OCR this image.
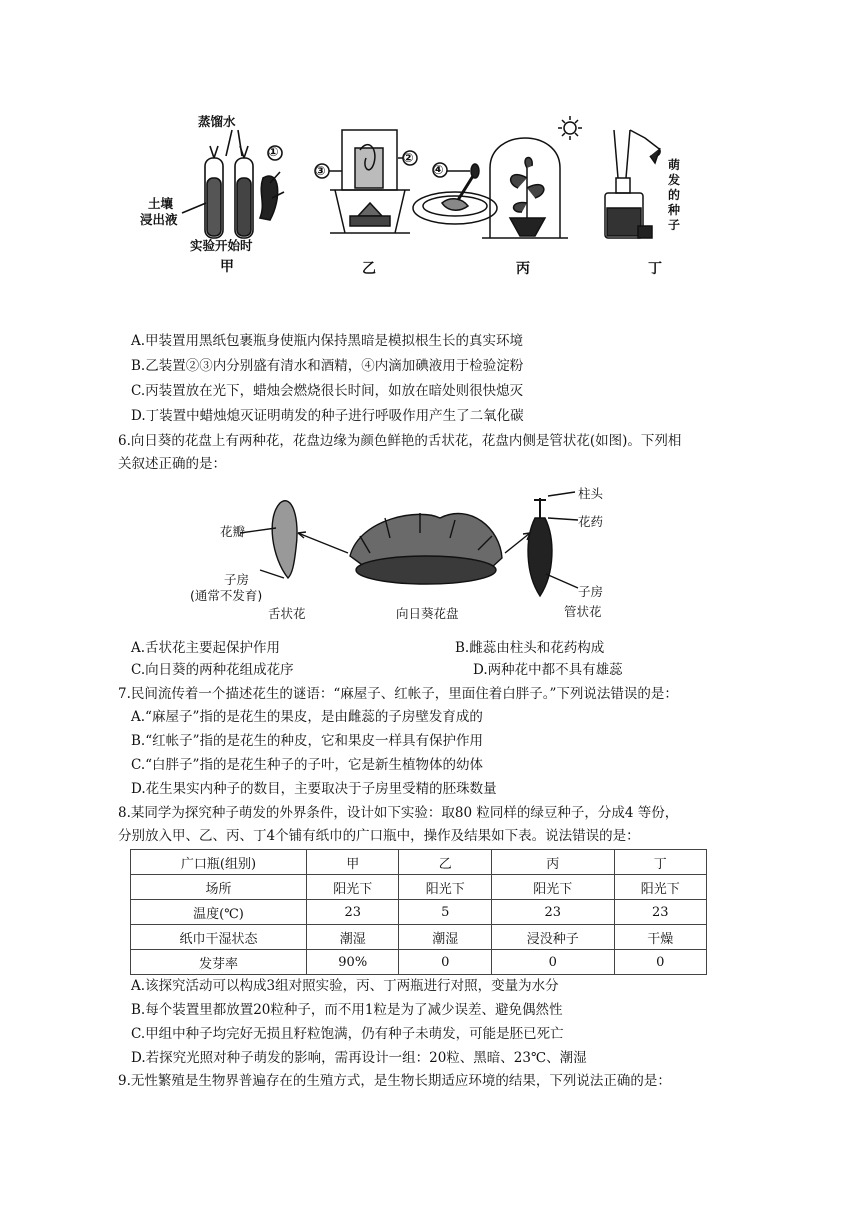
蒸馏水
土壤
浸出液
实验开始时
①
③
②
④
甲	乙	丙	丁
萌发的种子
A.甲装置用黑纸包裹瓶身使瓶内保持黑暗是模拟根生长的真实环境
B.乙装置②③内分别盛有清水和酒精，④内滴加碘液用于检验淀粉
C.丙装置放在光下，蜡烛会燃烧很长时间，如放在暗处则很快熄灭
D.丁装置中蜡烛熄灭证明萌发的种子进行呼吸作用产生了二氧化碳
6.向日葵的花盘上有两种花，花盘边缘为颜色鲜艳的舌状花，花盘内侧是管状花(如图)。下列相
关叙述正确的是：
花瓣
子房
(通常不发育)
舌状花	向日葵花盘
柱头
花药
子房
管状花
A.舌状花主要起保护作用	B.雌蕊由柱头和花药构成
C.向日葵的两种花组成花序	D.两种花中都不具有雄蕊
7.民间流传着一个描述花生的谜语：“麻屋子、红帐子，里面住着白胖子。”下列说法错误的是：
A.“麻屋子”指的是花生的果皮，是由雌蕊的子房壁发育成的
B.“红帐子”指的是花生的种皮，它和果皮一样具有保护作用
C.“白胖子”指的是花生种子的子叶，它是新生植物体的幼体
D.花生果实内种子的数目，主要取决于子房里受精的胚珠数量
8.某同学为探究种子萌发的外界条件，设计如下实验：取80 粒同样的绿豆种子，分成4 等份，
分别放入甲、乙、丙、丁4个铺有纸巾的广口瓶中，操作及结果如下表。说法错误的是：
广口瓶(组别)	甲	乙	丙	丁
场所	阳光下	阳光下	阳光下	阳光下
温度(℃)	23	5	23	23
纸巾干湿状态	潮湿	潮湿	浸没种子	干燥
发芽率	90%	0	0	0
A.该探究活动可以构成3组对照实验，丙、丁两瓶进行对照，变量为水分
B.每个装置里都放置20粒种子，而不用1粒是为了减少误差、避免偶然性
C.甲组中种子均完好无损且籽粒饱满，仍有种子未萌发，可能是胚已死亡
D.若探究光照对种子萌发的影响，需再设计一组：20粒、黑暗、23℃、潮湿
9.无性繁殖是生物界普遍存在的生殖方式，是生物长期适应环境的结果，下列说法正确的是：
